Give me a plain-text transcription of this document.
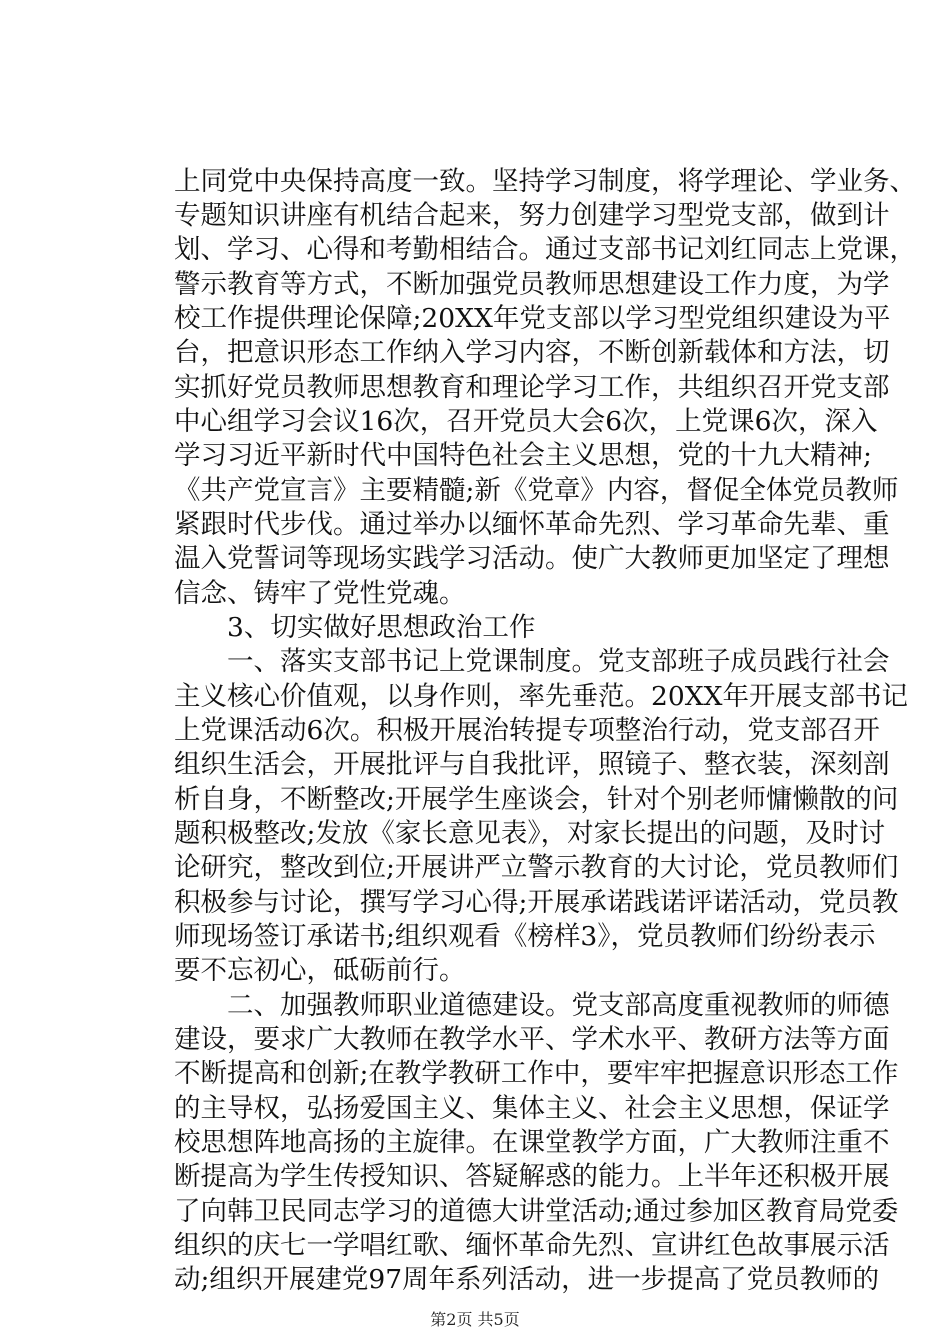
上同党中央保持高度一致。坚持学习制度，将学理论、学业务、
专题知识讲座有机结合起来，努力创建学习型党支部，做到计
划、学习、心得和考勤相结合。通过支部书记刘红同志上党课，
警示教育等方式，不断加强党员教师思想建设工作力度，为学
校工作提供理论保障;20XX年党支部以学习型党组织建设为平
台，把意识形态工作纳入学习内容，不断创新载体和方法，切
实抓好党员教师思想教育和理论学习工作，共组织召开党支部
中心组学习会议16次，召开党员大会6次，上党课6次，深入
学习习近平新时代中国特色社会主义思想，党的十九大精神;
《共产党宣言》主要精髓;新《党章》内容，督促全体党员教师
紧跟时代步伐。通过举办以缅怀革命先烈、学习革命先辈、重
温入党誓词等现场实践学习活动。使广大教师更加坚定了理想
信念、铸牢了党性党魂。
　　3、切实做好思想政治工作
　　一、落实支部书记上党课制度。党支部班子成员践行社会
主义核心价值观，以身作则，率先垂范。20XX年开展支部书记
上党课活动6次。积极开展治转提专项整治行动，党支部召开
组织生活会，开展批评与自我批评，照镜子、整衣装，深刻剖
析自身，不断整改;开展学生座谈会，针对个别老师慵懒散的问
题积极整改;发放《家长意见表》，对家长提出的问题，及时讨
论研究，整改到位;开展讲严立警示教育的大讨论，党员教师们
积极参与讨论，撰写学习心得;开展承诺践诺评诺活动，党员教
师现场签订承诺书;组织观看《榜样3》，党员教师们纷纷表示
要不忘初心，砥砺前行。
　　二、加强教师职业道德建设。党支部高度重视教师的师德
建设，要求广大教师在教学水平、学术水平、教研方法等方面
不断提高和创新;在教学教研工作中，要牢牢把握意识形态工作
的主导权，弘扬爱国主义、集体主义、社会主义思想，保证学
校思想阵地高扬的主旋律。在课堂教学方面，广大教师注重不
断提高为学生传授知识、答疑解惑的能力。上半年还积极开展
了向韩卫民同志学习的道德大讲堂活动;通过参加区教育局党委
组织的庆七一学唱红歌、缅怀革命先烈、宣讲红色故事展示活
动;组织开展建党97周年系列活动，进一步提高了党员教师的
第2页 共5页
